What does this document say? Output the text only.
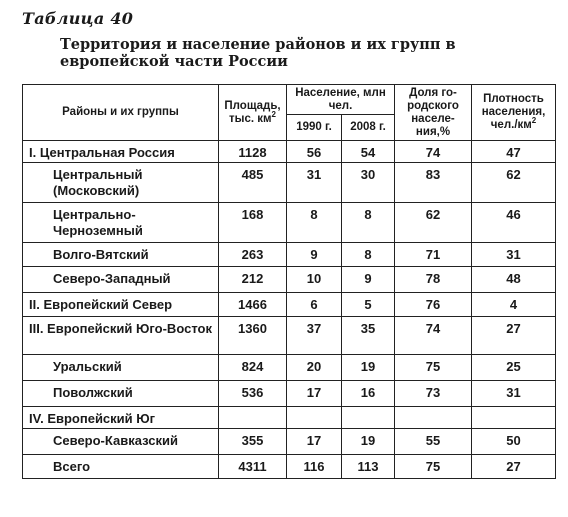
Таблица 40
Территория и население районов и их групп в европейской части России
Районы и их группы	Площадь, тыс. $км^2$	Население, млн чел.		Доля го-родского населе-ния,%	Плотность населения, $чел./км^2$
		1990 г.	2008 г.		
I. Центральная Россия	1128	56	54	74	47
Центральный (Московский)	485	31	30	83	62
Центрально-Черноземный	168	8	8	62	46
Волго-Вятский	263	9	8	71	31
Северо-Западный	212	10	9	78	48
II. Европейский Север	1466	6	5	76	4
III. Европейский Юго-Восток	1360	37	35	74	27
Уральский	824	20	19	75	25
Поволжский	536	17	16	73	31
IV. Европейский Юг					
Северо-Кавказский	355	17	19	55	50
Всего	4311	116	113	75	27
